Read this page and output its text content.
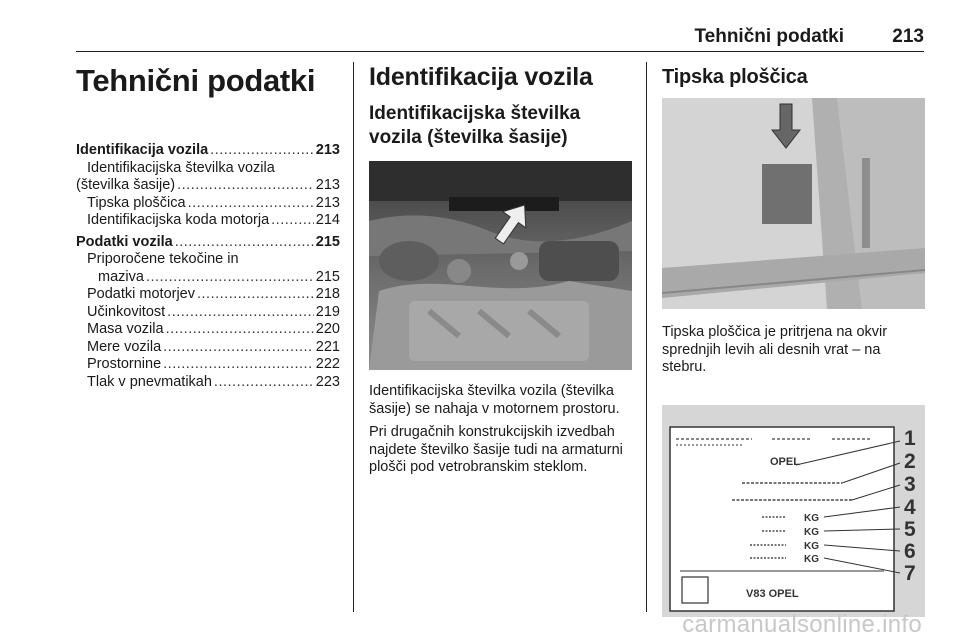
Tehnični podatki	213
Tehnični podatki
Identifikacija vozila .....	213
Identifikacijska številka vozila
(številka šasije) .....	213
Tipska ploščica .....	213
Identifikacijska koda motorja .....	214
Podatki vozila .....	215
Priporočene tekočine in
maziva .....	215
Podatki motorjev .....	218
Učinkovitost .....	219
Masa vozila .....	220
Mere vozila .....	221
Prostornine .....	222
Tlak v pnevmatikah .....	223
Identifikacija vozila
Identifikacijska številka vozila (številka šasije)
Identifikacijska številka vozila (številka šasije) se nahaja v motornem prostoru.
Pri drugačnih konstrukcijskih izvedbah najdete številko šasije tudi na armaturni plošči pod vetrobranskim steklom.
Tipska ploščica
Tipska ploščica je pritrjena na okvir sprednjih levih ali desnih vrat – na stebru.
OPEL
KG
KG
KG
KG
V83 OPEL
1
2
3
4
5
6
7
carmanualsonline.info
